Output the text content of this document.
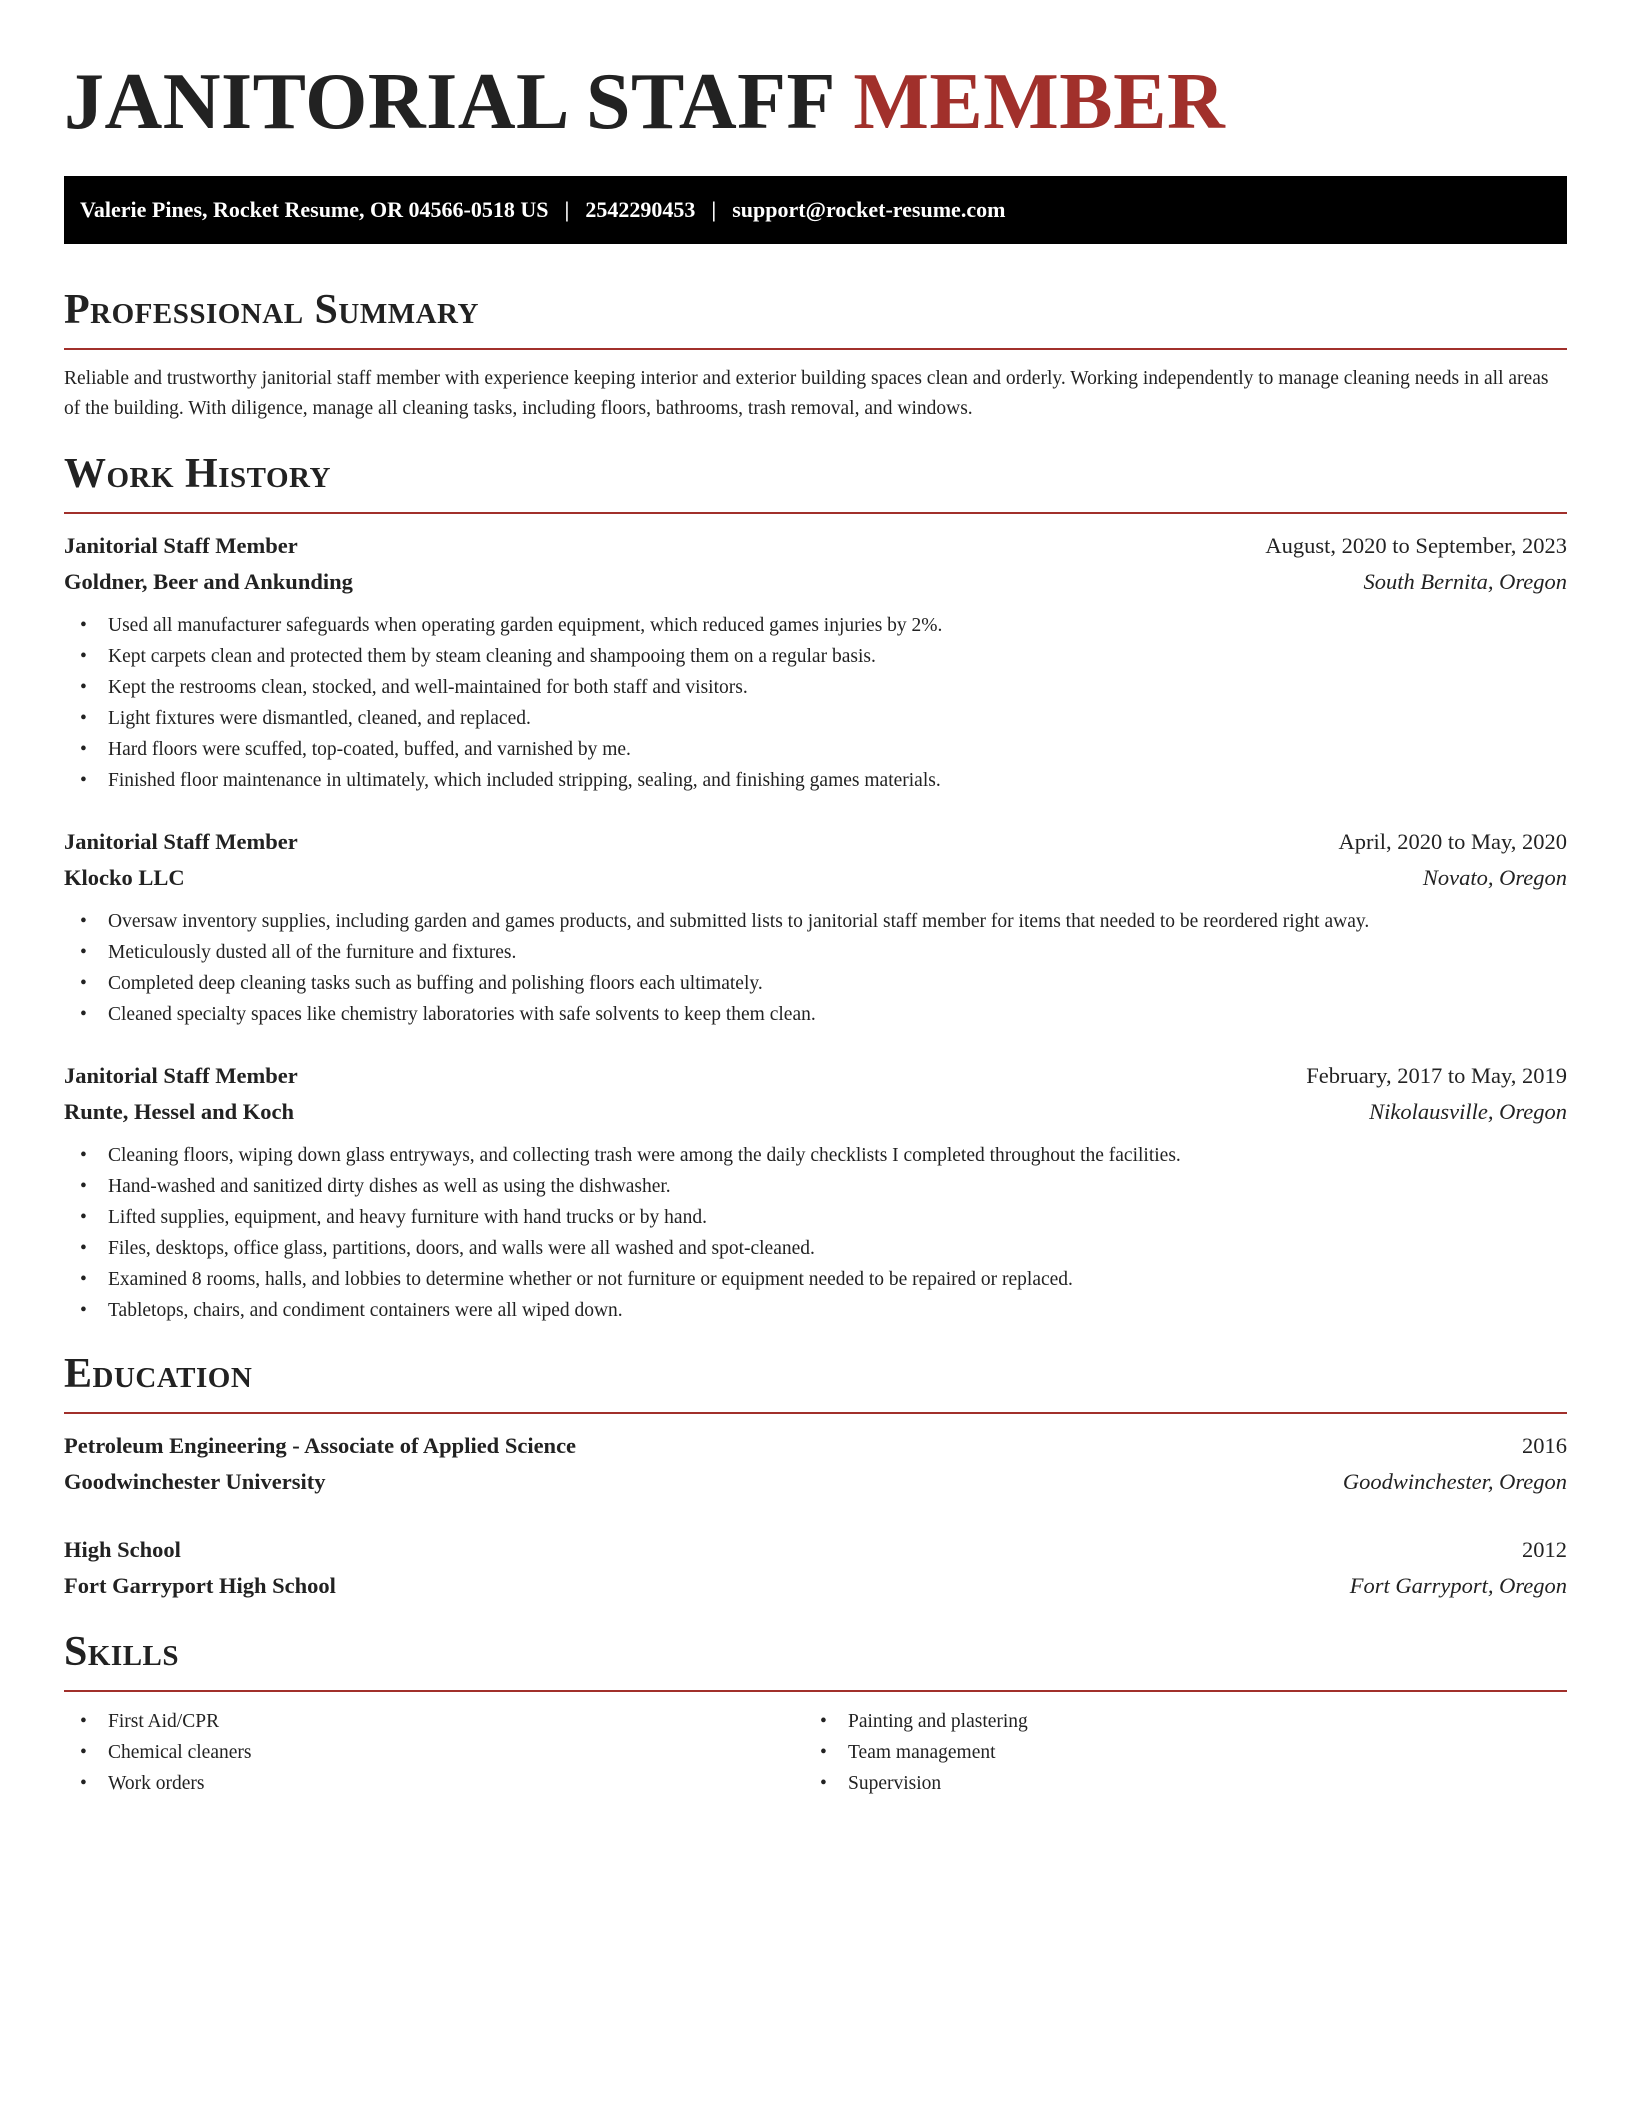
JANITORIAL STAFF MEMBER
Valerie Pines, Rocket Resume, OR 04566-0518 US | 2542290453 | support@rocket-resume.com
Professional Summary

Reliable and trustworthy janitorial staff member with experience keeping interior and exterior building spaces clean and orderly. Working independently to manage cleaning needs in all areas of the building. With diligence, manage all cleaning tasks, including floors, bathrooms, trash removal, and windows.

Work History
Janitorial Staff Member	August, 2020 to September, 2023
Goldner, Beer and Ankunding	South Bernita, Oregon
• Used all manufacturer safeguards when operating garden equipment, which reduced games injuries by 2%.
• Kept carpets clean and protected them by steam cleaning and shampooing them on a regular basis.
• Kept the restrooms clean, stocked, and well-maintained for both staff and visitors.
• Light fixtures were dismantled, cleaned, and replaced.
• Hard floors were scuffed, top-coated, buffed, and varnished by me.
• Finished floor maintenance in ultimately, which included stripping, sealing, and finishing games materials.
Janitorial Staff Member	April, 2020 to May, 2020
Klocko LLC	Novato, Oregon
• Oversaw inventory supplies, including garden and games products, and submitted lists to janitorial staff member for items that needed to be reordered right away.
• Meticulously dusted all of the furniture and fixtures.
• Completed deep cleaning tasks such as buffing and polishing floors each ultimately.
• Cleaned specialty spaces like chemistry laboratories with safe solvents to keep them clean.
Janitorial Staff Member	February, 2017 to May, 2019
Runte, Hessel and Koch	Nikolausville, Oregon
• Cleaning floors, wiping down glass entryways, and collecting trash were among the daily checklists I completed throughout the facilities.
• Hand-washed and sanitized dirty dishes as well as using the dishwasher.
• Lifted supplies, equipment, and heavy furniture with hand trucks or by hand.
• Files, desktops, office glass, partitions, doors, and walls were all washed and spot-cleaned.
• Examined 8 rooms, halls, and lobbies to determine whether or not furniture or equipment needed to be repaired or replaced.
• Tabletops, chairs, and condiment containers were all wiped down.
Education
Petroleum Engineering - Associate of Applied Science	2016
Goodwinchester University	Goodwinchester, Oregon
High School	2012
Fort Garryport High School	Fort Garryport, Oregon
Skills
• First Aid/CPR
• Chemical cleaners
• Work orders
• Painting and plastering
• Team management
• Supervision
